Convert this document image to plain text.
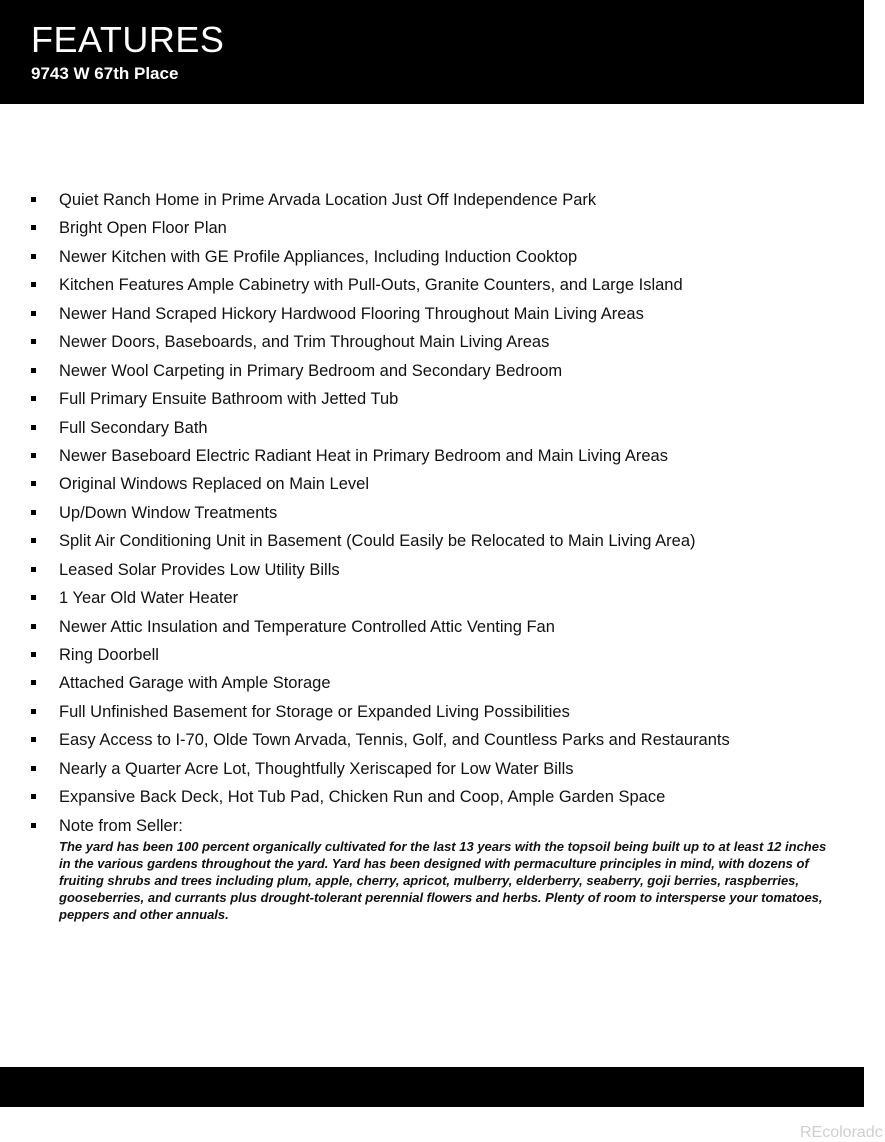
FEATURES
9743 W 67th Place
Quiet Ranch Home in Prime Arvada Location Just Off Independence Park
Bright Open Floor Plan
Newer Kitchen with GE Profile Appliances, Including Induction Cooktop
Kitchen Features Ample Cabinetry with Pull-Outs, Granite Counters, and Large Island
Newer Hand Scraped Hickory Hardwood Flooring Throughout Main Living Areas
Newer Doors, Baseboards, and Trim Throughout Main Living Areas
Newer Wool Carpeting in Primary Bedroom and Secondary Bedroom
Full Primary Ensuite Bathroom with Jetted Tub
Full Secondary Bath
Newer Baseboard Electric Radiant Heat in Primary Bedroom and Main Living Areas
Original Windows Replaced on Main Level
Up/Down Window Treatments
Split Air Conditioning Unit in Basement (Could Easily be Relocated to Main Living Area)
Leased Solar Provides Low Utility Bills
1 Year Old Water Heater
Newer Attic Insulation and Temperature Controlled Attic Venting Fan
Ring Doorbell
Attached Garage with Ample Storage
Full Unfinished Basement for Storage or Expanded Living Possibilities
Easy Access to I-70, Olde Town Arvada, Tennis, Golf, and Countless Parks and Restaurants
Nearly a Quarter Acre Lot, Thoughtfully Xeriscaped for Low Water Bills
Expansive Back Deck, Hot Tub Pad, Chicken Run and Coop, Ample Garden Space
Note from Seller:

The yard has been 100 percent organically cultivated for the last 13 years with the topsoil being built up to at least 12 inches in the various gardens throughout the yard. Yard has been designed with permaculture principles in mind, with dozens of fruiting shrubs and trees including plum, apple, cherry, apricot, mulberry, elderberry, seaberry, goji berries, raspberries, gooseberries, and currants plus drought-tolerant perennial flowers and herbs. Plenty of room to intersperse your tomatoes, peppers and other annuals.

REcoloradc
